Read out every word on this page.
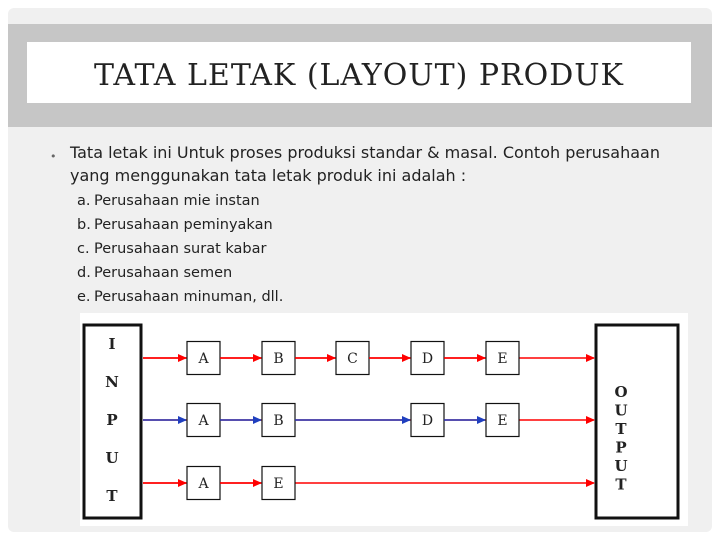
TATA LETAK (LAYOUT) PRODUK
• Tata letak ini Untuk proses produksi standar & masal. Contoh perusahaan yang menggunakan tata letak produk ini adalah :
a. Perusahaan mie instan
b. Perusahaan peminyakan
c. Perusahaan surat kabar
d. Perusahaan semen
e. Perusahaan minuman, dll.
I
N
P
U
T
O
U
T
P
U
T
A	B	C	D	E
A	B	D	E
A	E
